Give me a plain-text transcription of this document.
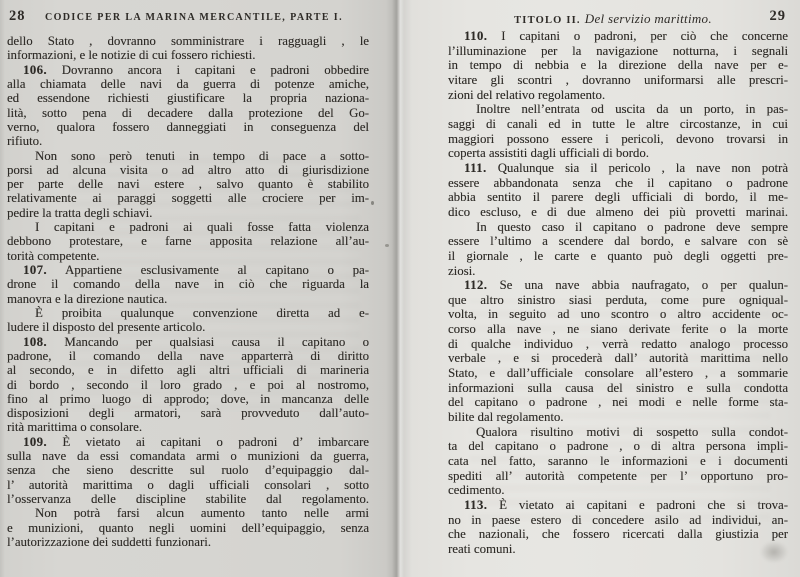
28 CODICE PER LA MARINA MERCANTILE, PARTE I.
dello Stato , dovranno somministrare i ragguagli , le
informazioni, e le notizie di cui fossero richiesti.
106. Dovranno ancora i capitani e padroni obbedire
alla chiamata delle navi da guerra di potenze amiche,
ed essendone richiesti giustificare la propria naziona-
lità, sotto pena di decadere dalla protezione del Go-
verno, qualora fossero danneggiati in conseguenza del
rifiuto.
Non sono però tenuti in tempo di pace a sotto-
porsi ad alcuna visita o ad altro atto di giurisdizione
per parte delle navi estere , salvo quanto è stabilito
relativamente ai paraggi soggetti alle crociere per im-
pedire la tratta degli schiavi.
I capitani e padroni ai quali fosse fatta violenza
debbono protestare, e farne apposita relazione all’au-
torità competente.
107. Appartiene esclusivamente al capitano o pa-
drone il comando della nave in ciò che riguarda la
manovra e la direzione nautica.
È proibita qualunque convenzione diretta ad e-
ludere il disposto del presente articolo.
108. Mancando per qualsiasi causa il capitano o
padrone, il comando della nave apparterrà di diritto
al secondo, e in difetto agli altri ufficiali di marineria
di bordo , secondo il loro grado , e poi al nostromo,
fino al primo luogo di approdo; dove, in mancanza delle
disposizioni degli armatori, sarà provveduto dall’auto-
rità marittima o consolare.
109. È vietato ai capitani o padroni d’ imbarcare
sulla nave da essi comandata armi o munizioni da guerra,
senza che sieno descritte sul ruolo d’equipaggio dal-
l’ autorità marittima o dagli ufficiali consolari , sotto
l’osservanza delle discipline stabilite dal regolamento.
Non potrà farsi alcun aumento tanto nelle armi
e munizioni, quanto negli uomini dell’equipaggio, senza
l’autorizzazione dei suddetti funzionari.
TITOLO II. Del servizio marittimo.	29
110. I capitani o padroni, per ciò che concerne
l’illuminazione per la navigazione notturna, i segnali
in tempo di nebbia e la direzione della nave per e-
vitare gli scontri , dovranno uniformarsi alle prescri-
zioni del relativo regolamento.
Inoltre nell’entrata od uscita da un porto, in pas-
saggi di canali ed in tutte le altre circostanze, in cui
maggiori possono essere i pericoli, devono trovarsi in
coperta assistiti dagli ufficiali di bordo.
111. Qualunque sia il pericolo , la nave non potrà
essere abbandonata senza che il capitano o padrone
abbia sentito il parere degli ufficiali di bordo, il me-
dico escluso, e di due almeno dei più provetti marinai.
In questo caso il capitano o padrone deve sempre
essere l’ultimo a scendere dal bordo, e salvare con sè
il giornale , le carte e quanto può degli oggetti pre-
ziosi.
112. Se una nave abbia naufragato, o per qualun-
que altro sinistro siasi perduta, come pure ogniqual-
volta, in seguito ad uno scontro o altro accidente oc-
corso alla nave , ne siano derivate ferite o la morte
di qualche individuo , verrà redatto analogo processo
verbale , e si procederà dall’ autorità marittima nello
Stato, e dall’ufficiale consolare all’estero , a sommarie
informazioni sulla causa del sinistro e sulla condotta
del capitano o padrone , nei modi e nelle forme sta-
bilite dal regolamento.
Qualora risultino motivi di sospetto sulla condot-
ta del capitano o padrone , o di altra persona impli-
cata nel fatto, saranno le informazioni e i documenti
spediti all’ autorità competente per l’ opportuno pro-
cedimento.
113. È vietato ai capitani e padroni che si trova-
no in paese estero di concedere asilo ad individui, an-
che nazionali, che fossero ricercati dalla giustizia per
reati comuni.
